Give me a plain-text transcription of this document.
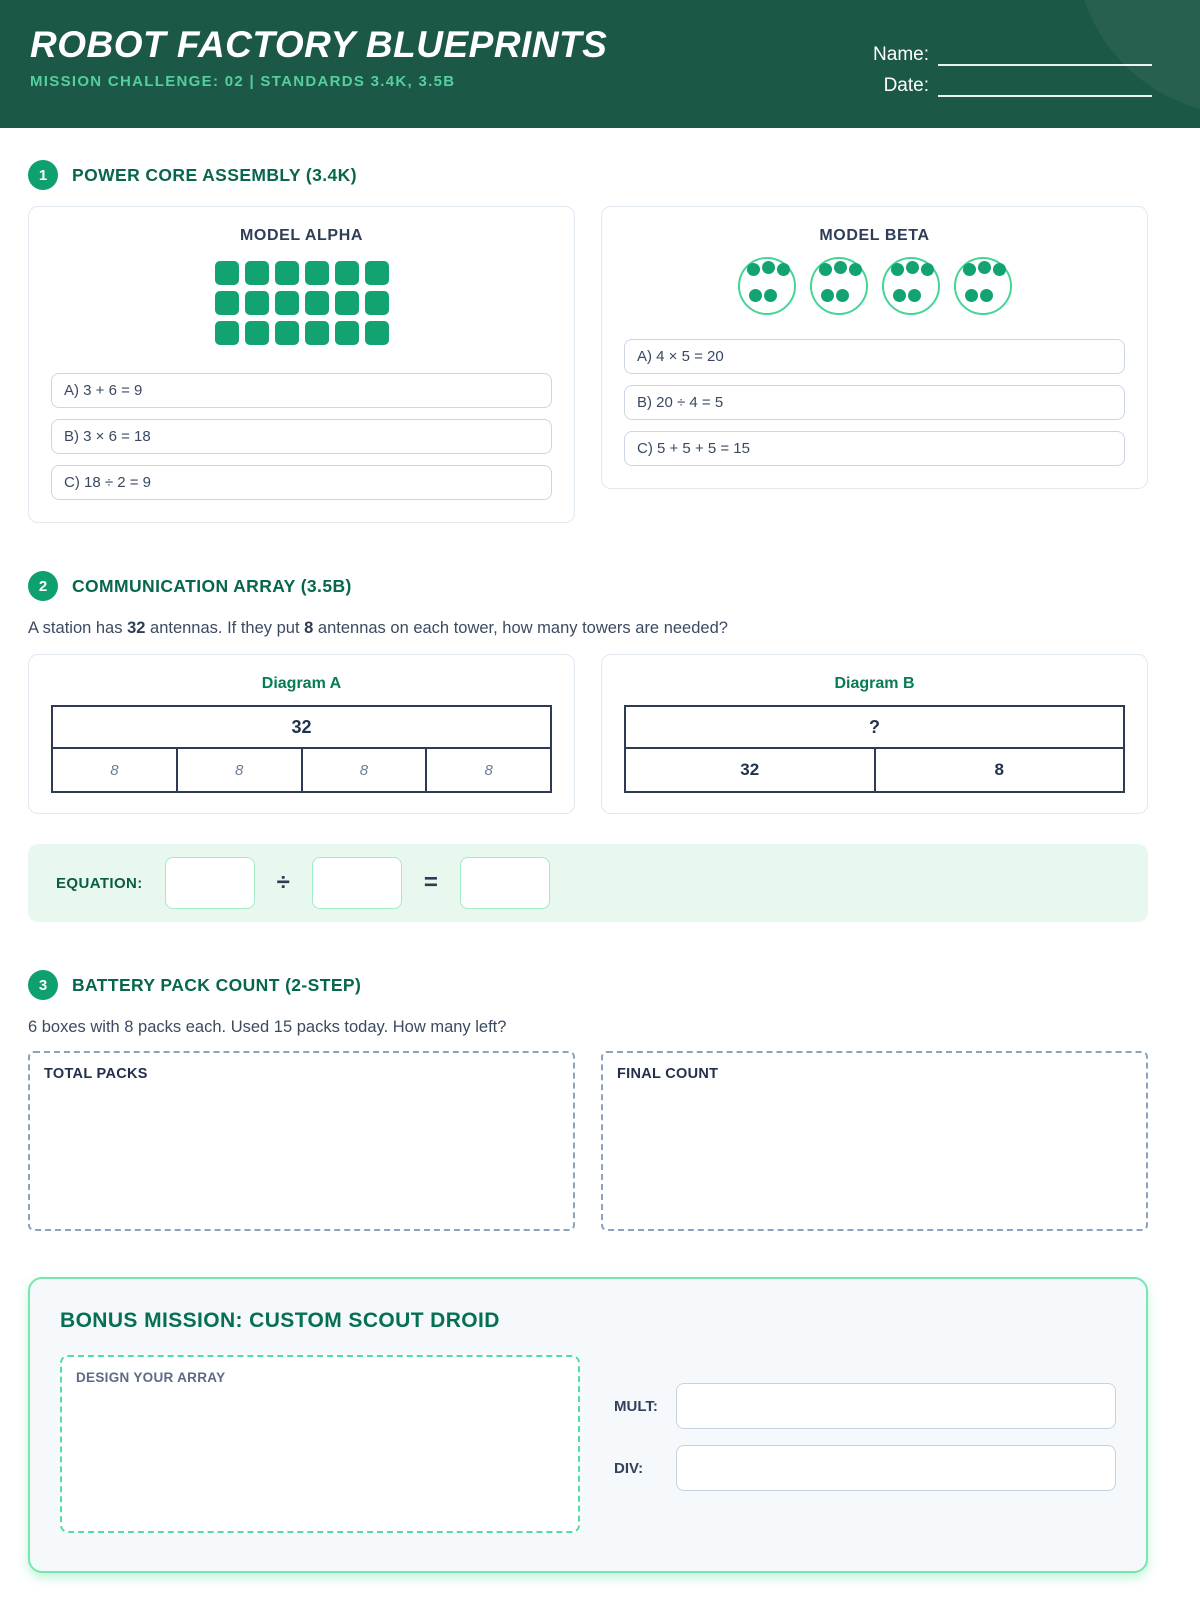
ROBOT FACTORY BLUEPRINTS
MISSION CHALLENGE: 02 | STANDARDS 3.4K, 3.5B
Name:
Date:
1	POWER CORE ASSEMBLY (3.4K)
MODEL ALPHA
A) 3 + 6 = 9
B) 3 × 6 = 18
C) 18 ÷ 2 = 9
MODEL BETA
A) 4 × 5 = 20
B) 20 ÷ 4 = 5
C) 5 + 5 + 5 = 15
2	COMMUNICATION ARRAY (3.5B)

A station has 32 antennas. If they put 8 antennas on each tower, how many towers are needed?

Diagram A
32
8	8	8	8
Diagram B
?
32	8
EQUATION:	÷	=
3	BATTERY PACK COUNT (2-STEP)

6 boxes with 8 packs each. Used 15 packs today. How many left?

TOTAL PACKS	FINAL COUNT
BONUS MISSION: CUSTOM SCOUT DROID
DESIGN YOUR ARRAY
MULT:
DIV:
